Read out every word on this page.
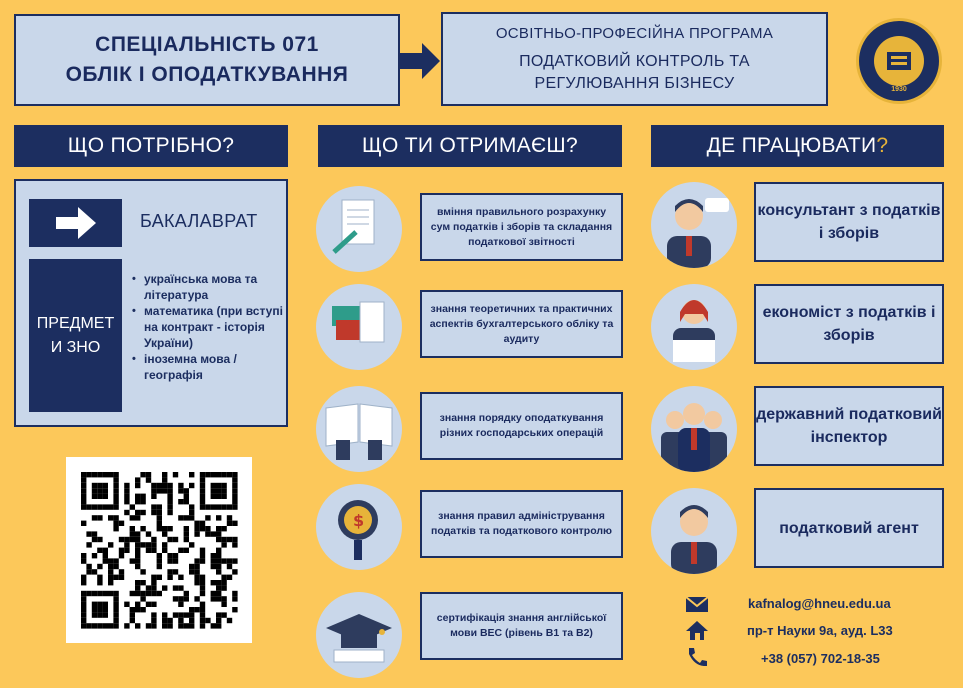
СПЕЦІАЛЬНІСТЬ 071
ОБЛІК І ОПОДАТКУВАННЯ
ОСВІТНЬО-ПРОФЕСІЙНА ПРОГРАМА
ПОДАТКОВИЙ КОНТРОЛЬ ТА
РЕГУЛЮВАННЯ БІЗНЕСУ	1930
ЩО ПОТРІБНО?	ЩО ТИ ОТРИМАЄШ?	ДЕ ПРАЦЮВАТИ ?
БАКАЛАВРАТ
ПРЕДМЕТ
И ЗНО
• українська мова та література
• математика (при вступі на контракт - історія України)
• іноземна мова / географія
вміння правильного розрахунку сум податків і зборів та складання податкової звітності
знання теоретичних та практичних аспектів бухгалтерського обліку та аудиту
знання порядку оподаткування різних господарських операцій
$	знання правил адміністрування податків та податкового контролю
сертифікація знання англійської мови ВЕС (рівень В1 та В2)
консультант з податків і зборів
економіст з податків і зборів
державний податковий інспектор
податковий агент
kafnalog@hneu.edu.ua
пр-т Науки 9а, ауд. L33
+38 (057) 702-18-35
